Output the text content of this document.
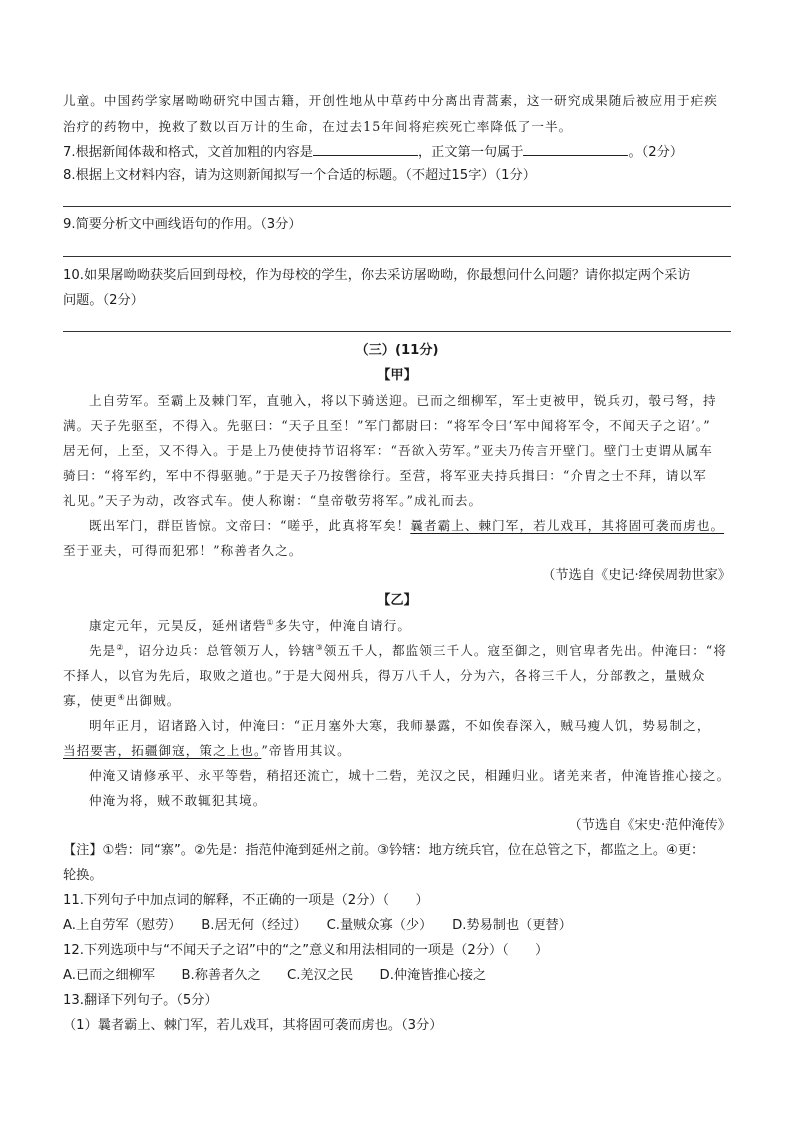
儿童。中国药学家屠呦呦研究中国古籍，开创性地从中草药中分离出青蒿素，这一研究成果随后被应用于疟疾
治疗的药物中，挽救了数以百万计的生命，在过去15年间将疟疾死亡率降低了一半。
7.根据新闻体裁和格式，文首加粗的内容是	，正文第一句属于	。（2分）
8.根据上文材料内容，请为这则新闻拟写一个合适的标题。（不超过15字）（1分）
9.简要分析文中画线语句的作用。（3分）
10.如果屠呦呦获奖后回到母校，作为母校的学生，你去采访屠呦呦，你最想问什么问题？请你拟定两个采访
问题。（2分）
（三）(11分)
【甲】
上自劳军。至霸上及棘门军，直驰入，将以下骑送迎。已而之细柳军，军士吏被甲，锐兵刃，彀弓弩，持
满。天子先驱至，不得入。先驱曰：“天子且至！”军门都尉曰：“将军令曰‘军中闻将军令，不闻天子之诏’。”
居无何，上至，又不得入。于是上乃使使持节诏将军：“吾欲入劳军。”亚夫乃传言开壁门。壁门士吏谓从属车
骑曰：“将军约，军中不得驱驰。”于是天子乃按辔徐行。至营，将军亚夫持兵揖曰：“介胄之士不拜，请以军
礼见。”天子为动，改容式车。使人称谢：“皇帝敬劳将军。”成礼而去。
既出军门，群臣皆惊。文帝曰：“嗟乎，此真将军矣！曩者霸上、棘门军，若儿戏耳，其将固可袭而虏也。
至于亚夫，可得而犯邪！”称善者久之。
（节选自《史记·绛侯周勃世家》
【乙】
康定元年，元昊反，延州诸砦①多失守，仲淹自请行。
先是②，诏分边兵：总管领万人，钤辖③领五千人，都监领三千人。寇至御之，则官卑者先出。仲淹曰：“将
不择人，以官为先后，取败之道也。”于是大阅州兵，得万八千人，分为六，各将三千人，分部教之，量贼众
寡，使更④出御贼。
明年正月，诏诸路入讨，仲淹曰：“正月塞外大寒，我师暴露，不如俟春深入，贼马瘦人饥，势易制之，
当招要害，拓疆御寇，策之上也。”帝皆用其议。
仲淹又请修承平、永平等砦，稍招还流亡，城十二砦，羌汉之民，相踵归业。诸羌来者，仲淹皆推心接之。
仲淹为将，贼不敢辄犯其境。
（节选自《宋史·范仲淹传》
【注】①砦：同“寨”。②先是：指范仲淹到延州之前。③钤辖：地方统兵官，位在总管之下，都监之上。④更：
轮换。
11.下列句子中加点词的解释，不正确的一项是（2分）（　　）
A.上自劳军（慰劳）　　B.居无何（经过）　　C.量贼众寡（少）　　D.势易制也（更替）
12.下列选项中与“不闻天子之诏”中的“之”意义和用法相同的一项是（2分）（　　）
A.已而之细柳军　　B.称善者久之　　C.羌汉之民　　D.仲淹皆推心接之
13.翻译下列句子。（5分）
（1）曩者霸上、棘门军，若儿戏耳，其将固可袭而虏也。（3分）
